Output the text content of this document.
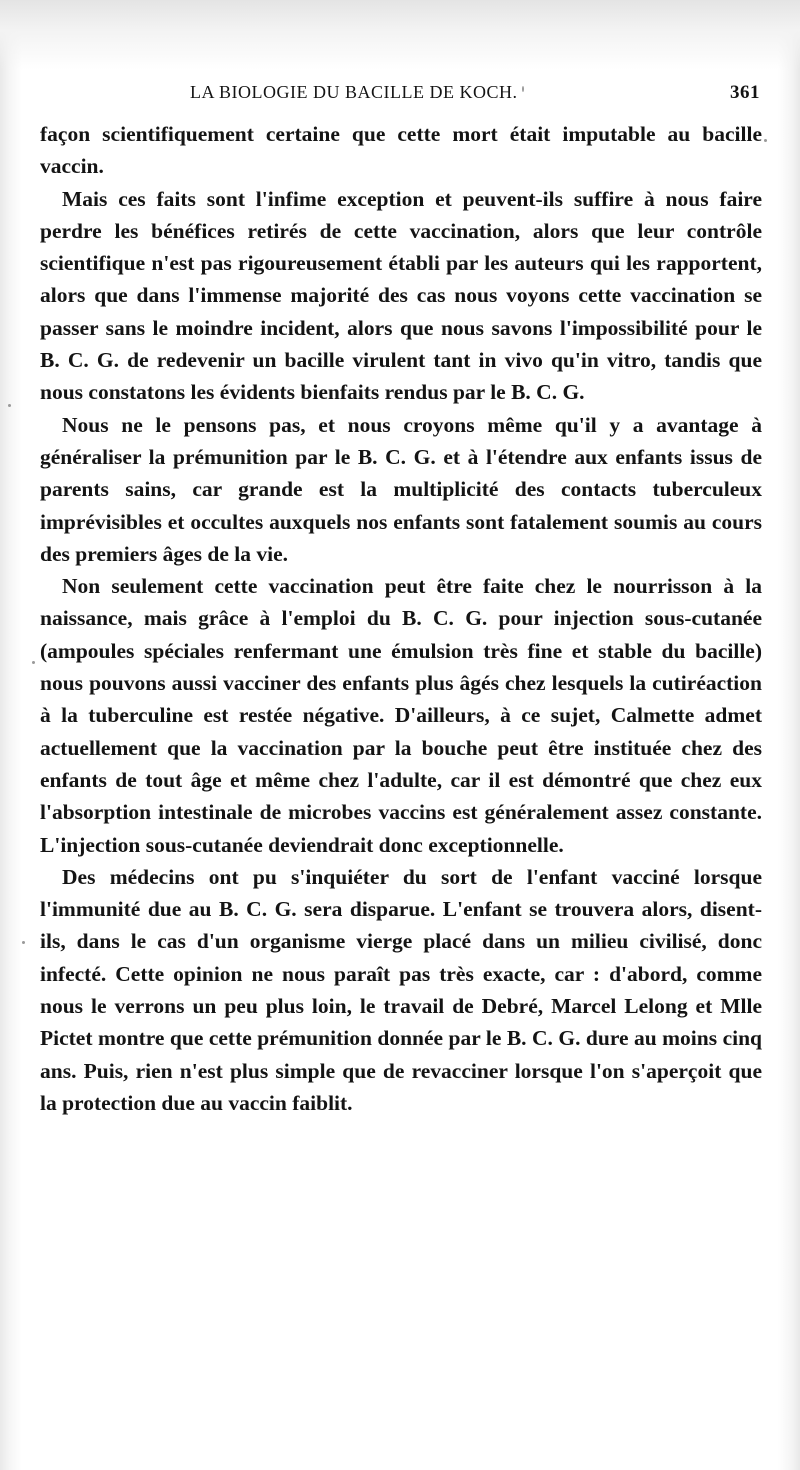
LA BIOLOGIE DU BACILLE DE KOCH.	361

façon scientifiquement certaine que cette mort était imputable au bacille vaccin.

Mais ces faits sont l'infime exception et peuvent-ils suffire à nous faire perdre les bénéfices retirés de cette vaccination, alors que leur contrôle scientifique n'est pas rigoureusement établi par les auteurs qui les rapportent, alors que dans l'immense majorité des cas nous voyons cette vaccination se passer sans le moindre incident, alors que nous savons l'impossibilité pour le B. C. G. de redevenir un bacille virulent tant in vivo qu'in vitro, tandis que nous constatons les évidents bienfaits rendus par le B. C. G.

Nous ne le pensons pas, et nous croyons même qu'il y a avantage à généraliser la prémunition par le B. C. G. et à l'étendre aux enfants issus de parents sains, car grande est la multiplicité des contacts tuberculeux imprévisibles et occultes auxquels nos enfants sont fatalement soumis au cours des premiers âges de la vie.

Non seulement cette vaccination peut être faite chez le nourrisson à la naissance, mais grâce à l'emploi du B. C. G. pour injection sous-cutanée (ampoules spéciales renfermant une émulsion très fine et stable du bacille) nous pouvons aussi vacciner des enfants plus âgés chez lesquels la cutiréaction à la tuberculine est restée négative. D'ailleurs, à ce sujet, Calmette admet actuellement que la vaccination par la bouche peut être instituée chez des enfants de tout âge et même chez l'adulte, car il est démontré que chez eux l'absorption intestinale de microbes vaccins est généralement assez constante. L'injection sous-cutanée deviendrait donc exceptionnelle.

Des médecins ont pu s'inquiéter du sort de l'enfant vacciné lorsque l'immunité due au B. C. G. sera disparue. L'enfant se trouvera alors, disent-ils, dans le cas d'un organisme vierge placé dans un milieu civilisé, donc infecté. Cette opinion ne nous paraît pas très exacte, car : d'abord, comme nous le verrons un peu plus loin, le travail de Debré, Marcel Lelong et Mlle Pictet montre que cette prémunition donnée par le B. C. G. dure au moins cinq ans. Puis, rien n'est plus simple que de revacciner lorsque l'on s'aperçoit que la protection due au vaccin faiblit.
